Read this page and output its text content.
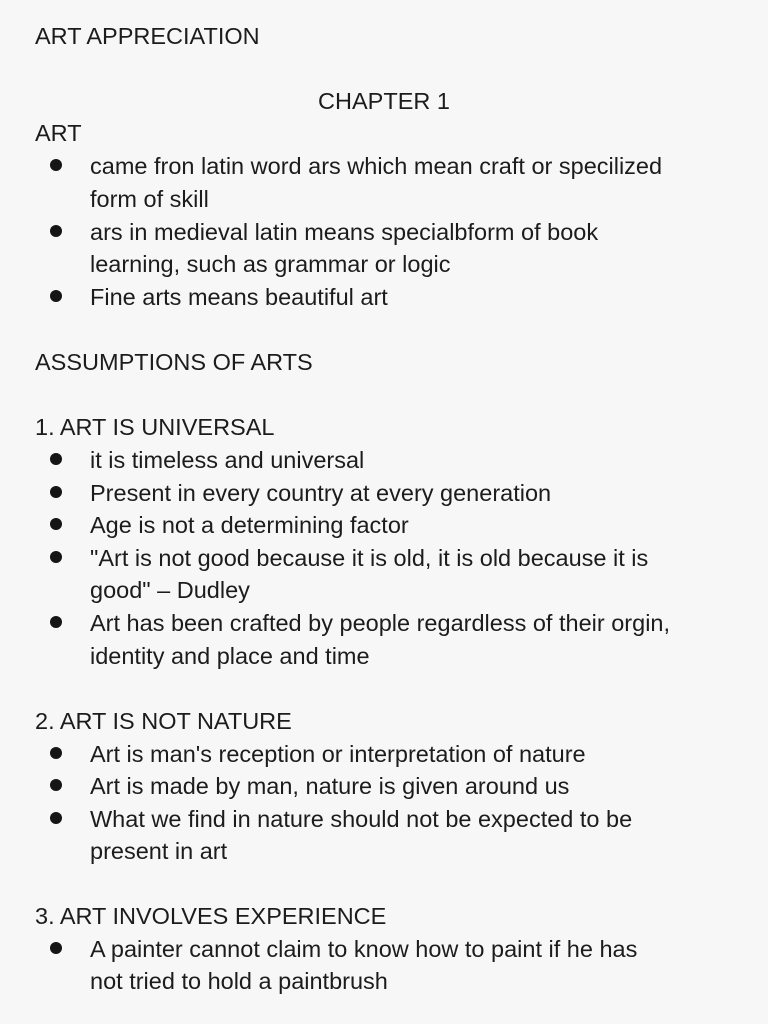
ART APPRECIATION
CHAPTER 1
ART
came fron latin word ars which mean craft or specilized
form of skill
ars in medieval latin means specialbform of book
learning, such as grammar or logic
Fine arts means beautiful art
ASSUMPTIONS OF ARTS
1. ART IS UNIVERSAL
it is timeless and universal
Present in every country at every generation
Age is not a determining factor
"Art is not good because it is old, it is old because it is
good" – Dudley
Art has been crafted by people regardless of their orgin,
identity and place and time
2. ART IS NOT NATURE
Art is man's reception or interpretation of nature
Art is made by man, nature is given around us
What we find in nature should not be expected to be
present in art
3. ART INVOLVES EXPERIENCE
A painter cannot claim to know how to paint if he has
not tried to hold a paintbrush
